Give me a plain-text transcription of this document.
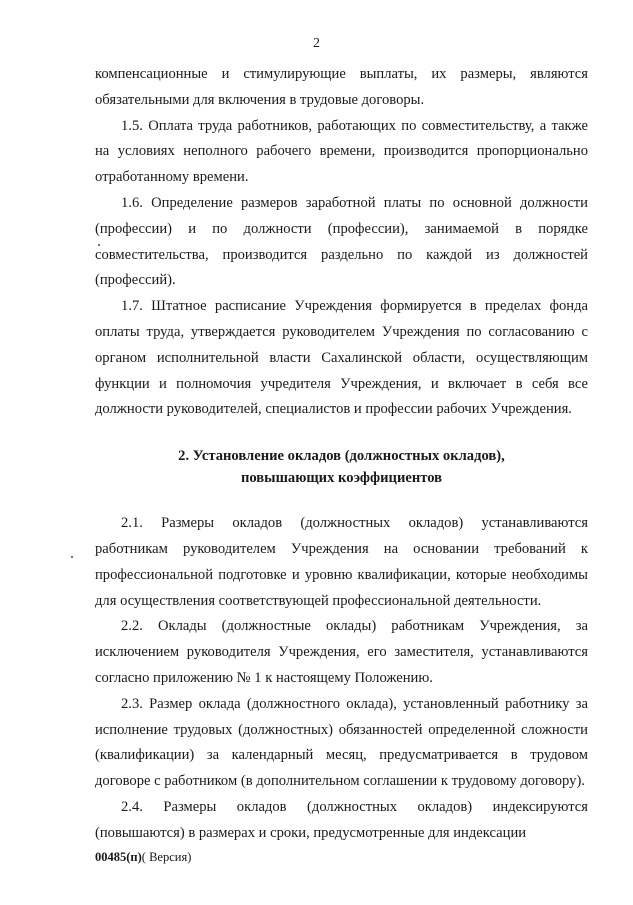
2

компенсационные и стимулирующие выплаты, их размеры, являются обязательными для включения в трудовые договоры.

1.5. Оплата труда работников, работающих по совместительству, а также на условиях неполного рабочего времени, производится пропорционально отработанному времени.

1.6. Определение размеров заработной платы по основной должности (профессии) и по должности (профессии), занимаемой в порядке совместительства, производится раздельно по каждой из должностей (профессий).

1.7. Штатное расписание Учреждения формируется в пределах фонда оплаты труда, утверждается руководителем Учреждения по согласованию с органом исполнительной власти Сахалинской области, осуществляющим функции и полномочия учредителя Учреждения, и включает в себя все должности руководителей, специалистов и профессии рабочих Учреждения.

2. Установление окладов (должностных окладов),
повышающих коэффициентов

2.1. Размеры окладов (должностных окладов) устанавливаются работникам руководителем Учреждения на основании требований к профессиональной подготовке и уровню квалификации, которые необходимы для осуществления соответствующей профессиональной деятельности.

2.2. Оклады (должностные оклады) работникам Учреждения, за исключением руководителя Учреждения, его заместителя, устанавливаются согласно приложению № 1 к настоящему Положению.

2.3. Размер оклада (должностного оклада), установленный работнику за исполнение трудовых (должностных) обязанностей определенной сложности (квалификации) за календарный месяц, предусматривается в трудовом договоре с работником (в дополнительном соглашении к трудовому договору).

2.4. Размеры окладов (должностных окладов) индексируются (повышаются) в размерах и сроки, предусмотренные для индексации

00485(п)( Версия)
